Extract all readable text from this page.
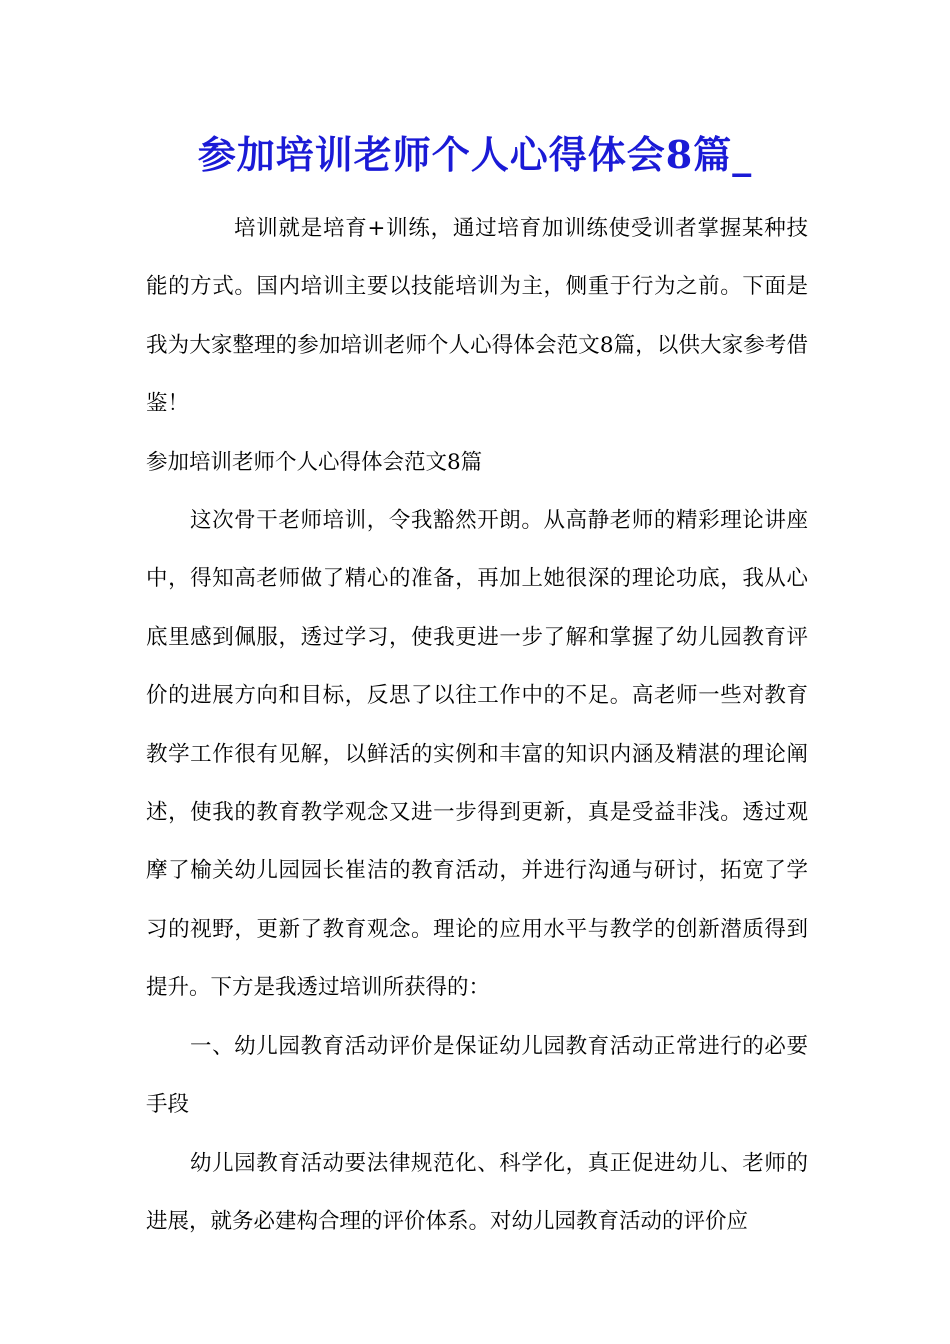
参加培训老师个人心得体会8篇_

培训就是培育+训练，通过培育加训练使受训者掌握某种技能的方式。国内培训主要以技能培训为主，侧重于行为之前。下面是我为大家整理的参加培训老师个人心得体会范文8篇，以供大家参考借鉴！

参加培训老师个人心得体会范文8篇

这次骨干老师培训，令我豁然开朗。从高静老师的精彩理论讲座中，得知高老师做了精心的准备，再加上她很深的理论功底，我从心底里感到佩服，透过学习，使我更进一步了解和掌握了幼儿园教育评价的进展方向和目标，反思了以往工作中的不足。高老师一些对教育教学工作很有见解，以鲜活的实例和丰富的知识内涵及精湛的理论阐述，使我的教育教学观念又进一步得到更新，真是受益非浅。透过观摩了榆关幼儿园园长崔洁的教育活动，并进行沟通与研讨，拓宽了学习的视野，更新了教育观念。理论的应用水平与教学的创新潜质得到提升。下方是我透过培训所获得的：

一、幼儿园教育活动评价是保证幼儿园教育活动正常进行的必要手段

幼儿园教育活动要法律规范化、科学化，真正促进幼儿、老师的进展，就务必建构合理的评价体系。对幼儿园教育活动的评价应
